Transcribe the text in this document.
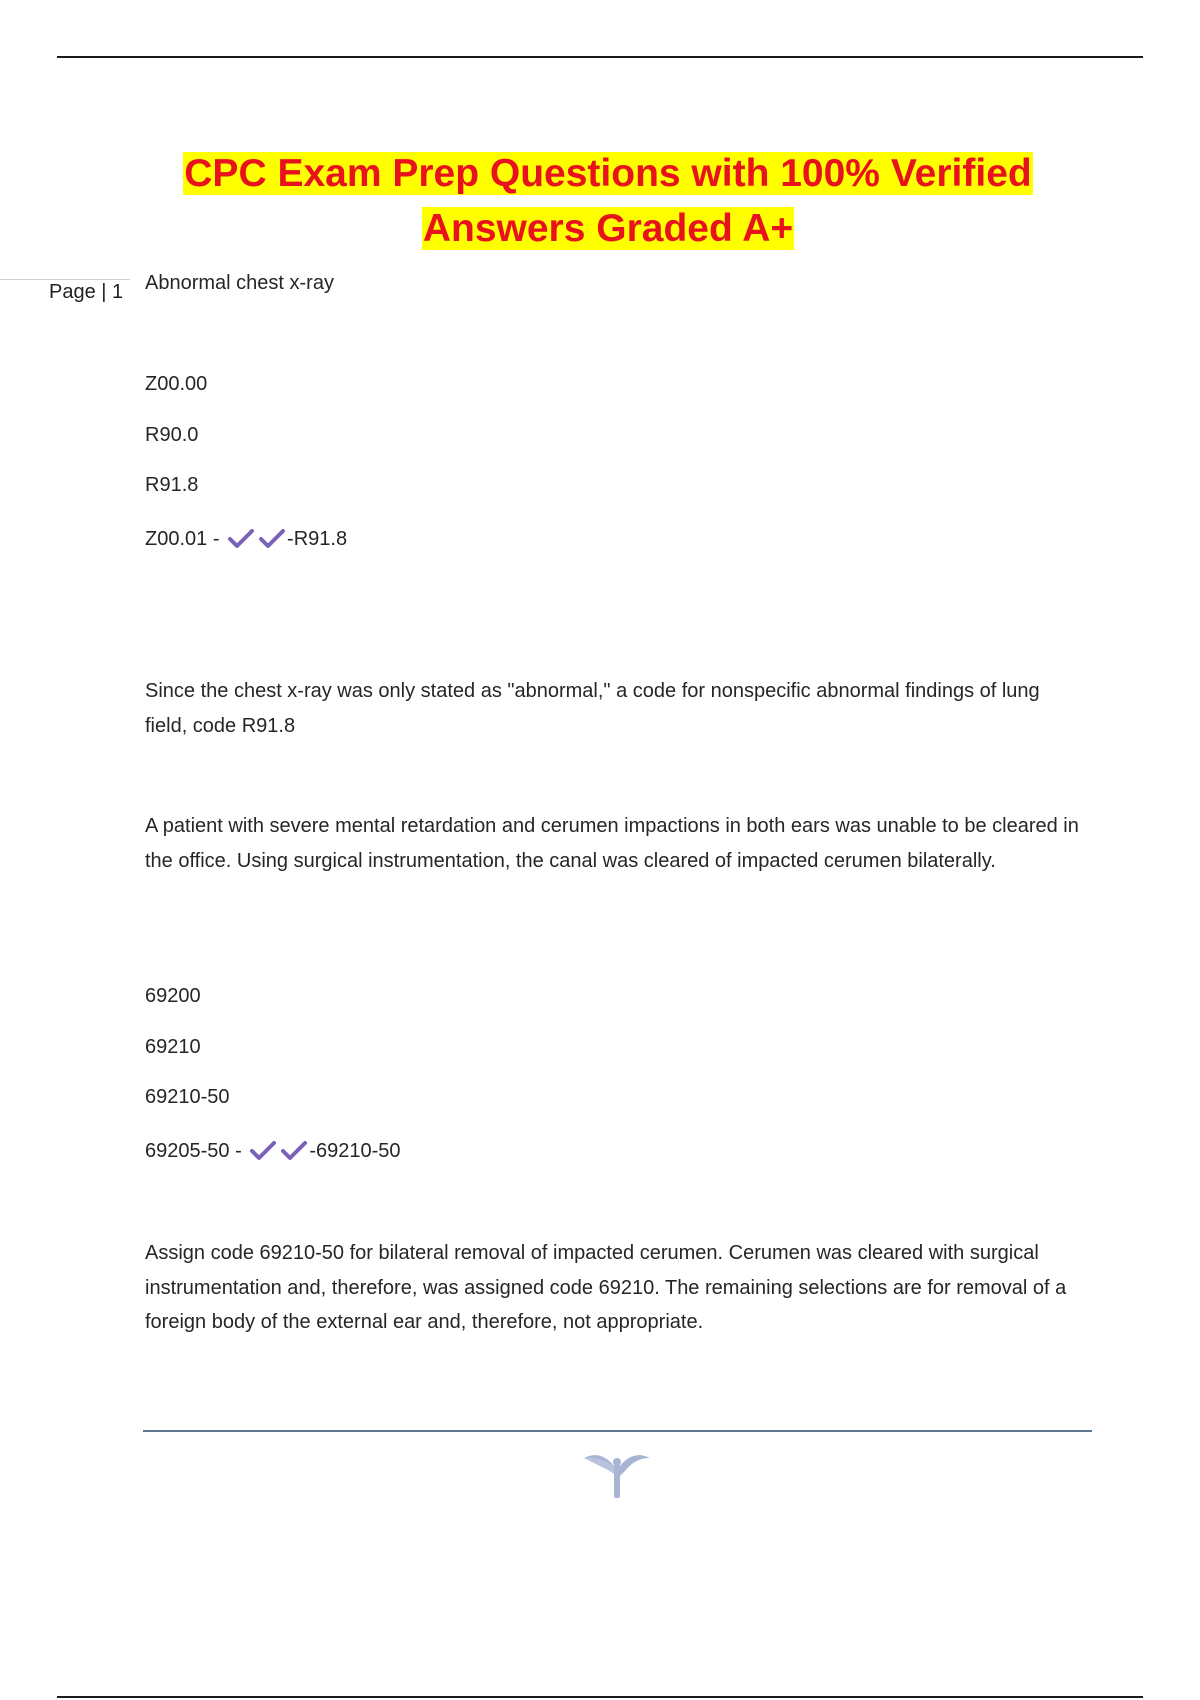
CPC Exam Prep Questions with 100% Verified Answers Graded A+
Page | 1 Abnormal chest x-ray
Z00.00
R90.0
R91.8
Z00.01 -	-R91.8
Since the chest x-ray was only stated as "abnormal," a code for nonspecific abnormal findings of lung field, code R91.8
A patient with severe mental retardation and cerumen impactions in both ears was unable to be cleared in the office. Using surgical instrumentation, the canal was cleared of impacted cerumen bilaterally.
69200
69210
69210-50
69205-50 -	-69210-50
Assign code 69210-50 for bilateral removal of impacted cerumen. Cerumen was cleared with surgical instrumentation and, therefore, was assigned code 69210. The remaining selections are for removal of a foreign body of the external ear and, therefore, not appropriate.
